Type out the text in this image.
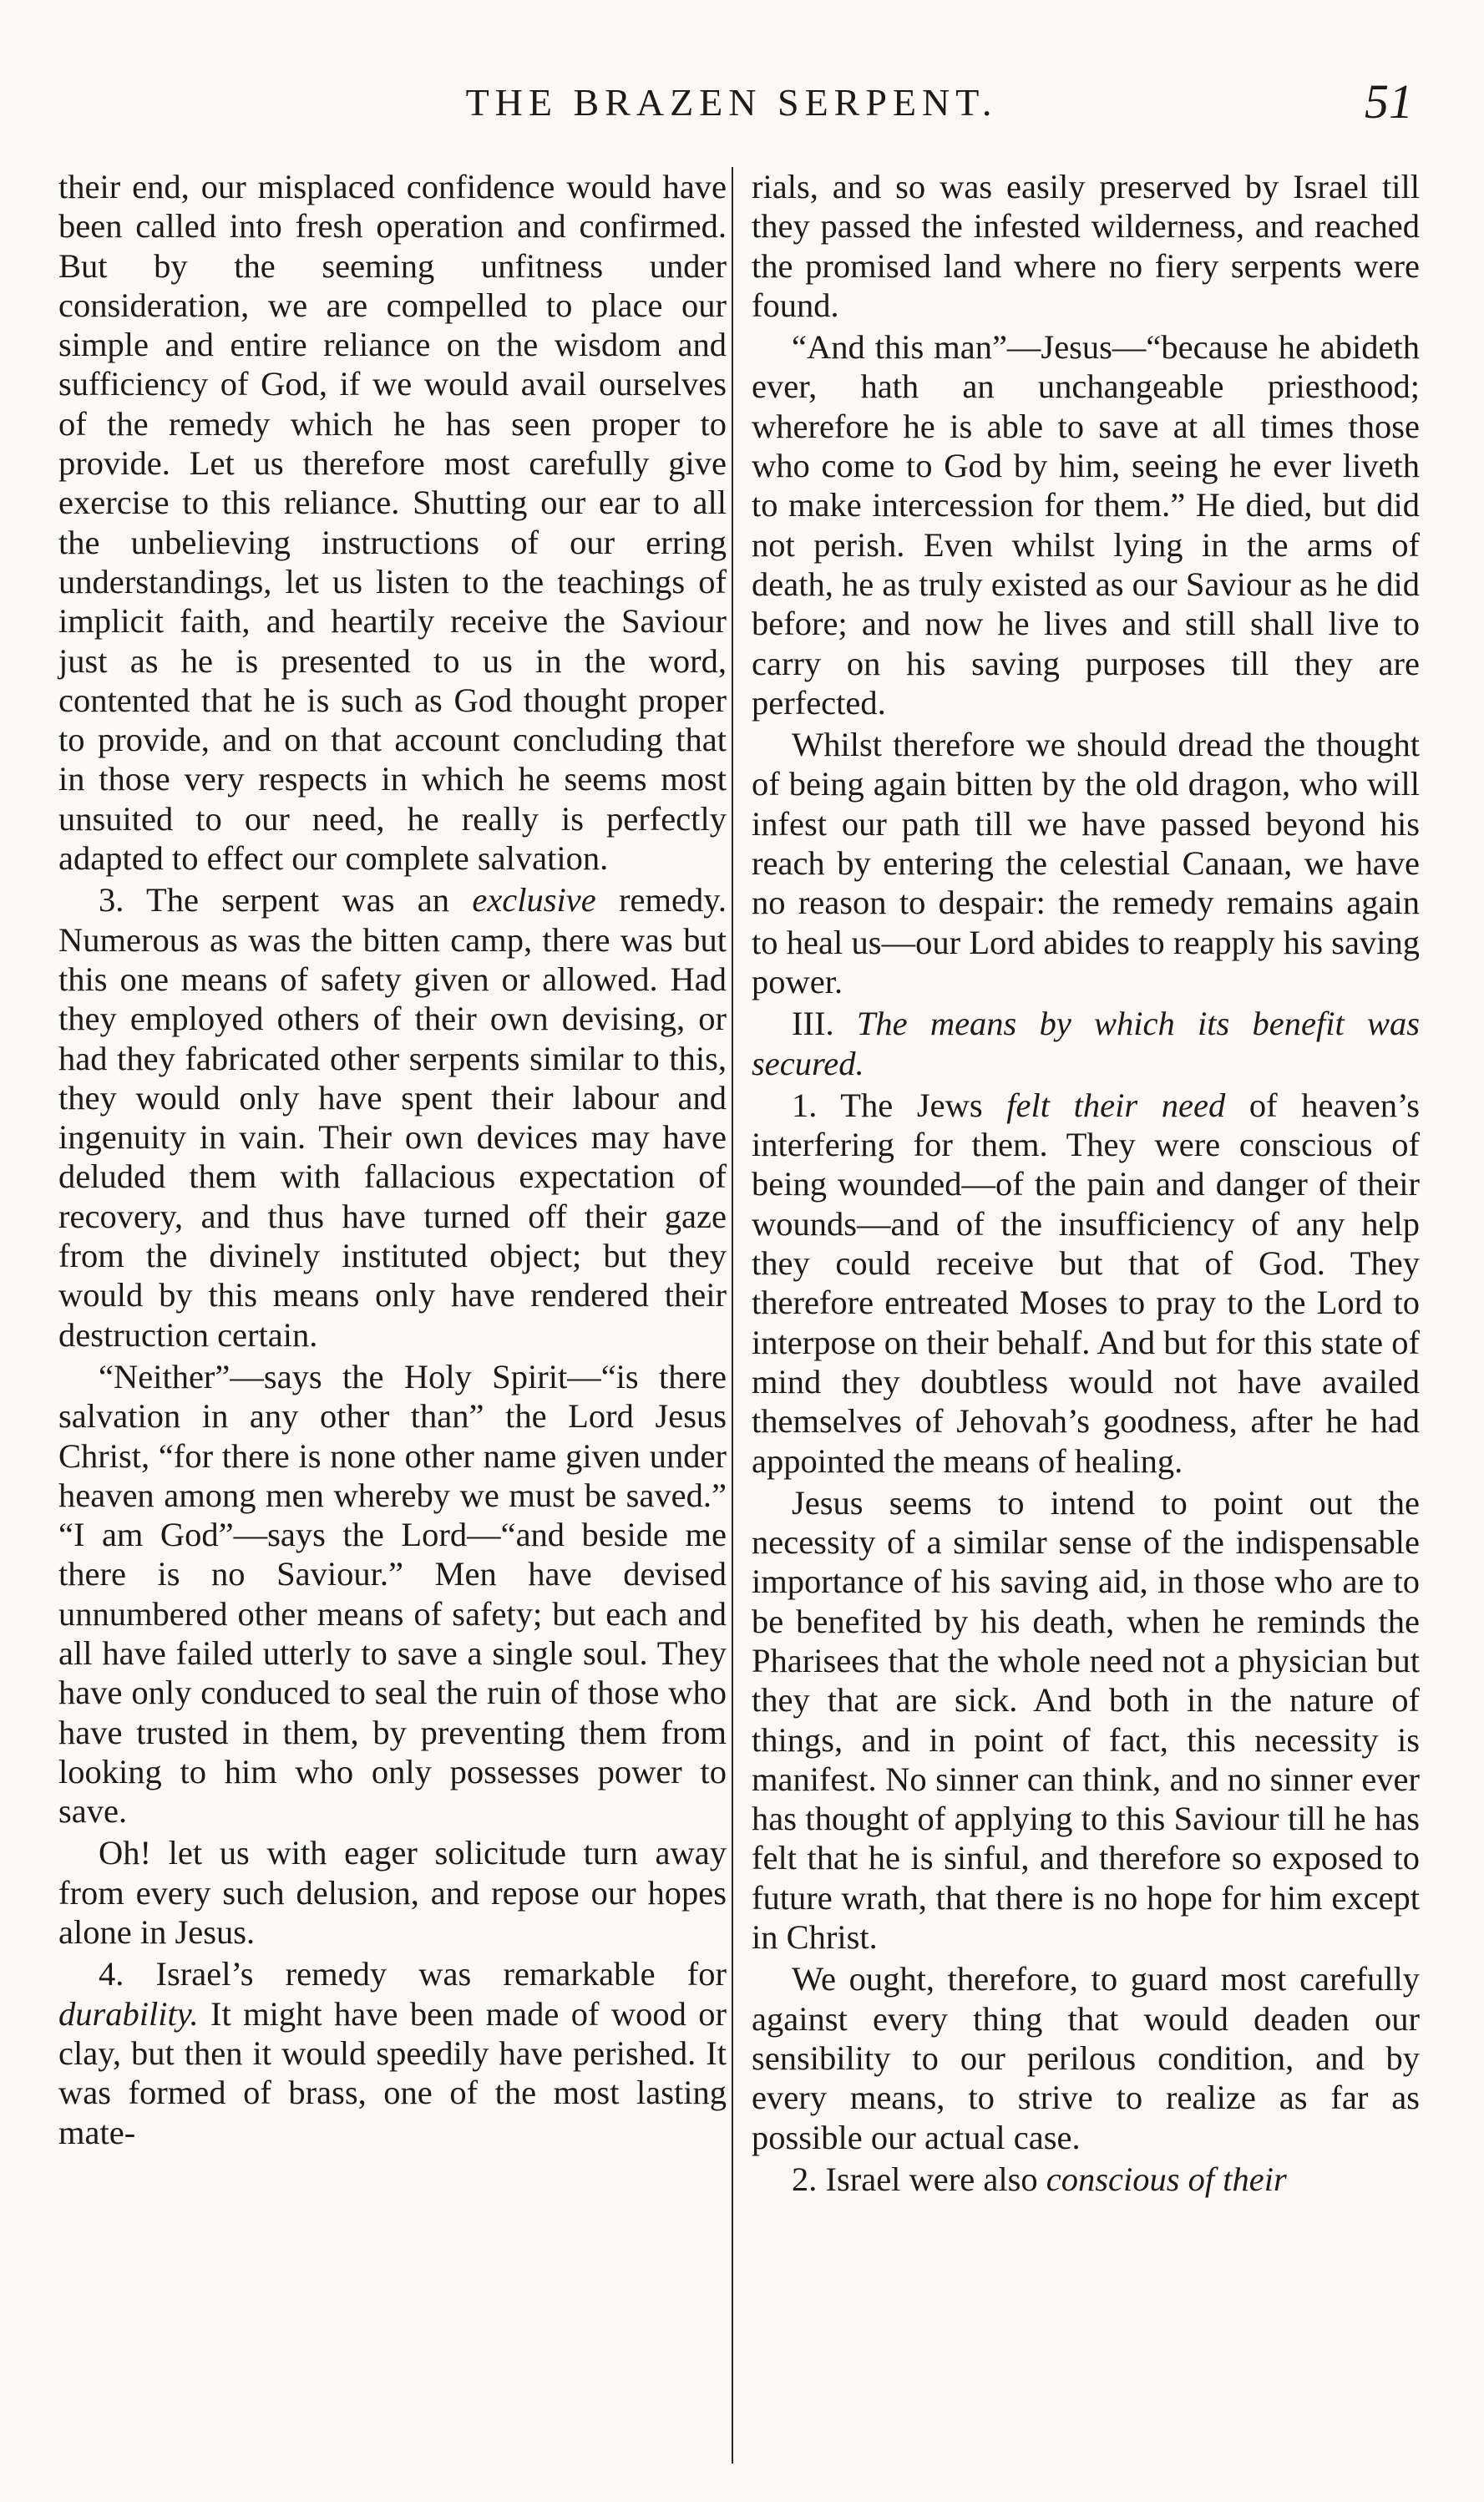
THE BRAZEN SERPENT.	51

their end, our misplaced confidence would have been called into fresh operation and confirmed. But by the seeming unfitness under consideration, we are compelled to place our simple and entire reliance on the wisdom and sufficiency of God, if we would avail ourselves of the remedy which he has seen proper to provide. Let us therefore most carefully give exercise to this reliance. Shutting our ear to all the unbelieving instructions of our erring understandings, let us listen to the teachings of implicit faith, and heartily receive the Saviour just as he is presented to us in the word, contented that he is such as God thought proper to provide, and on that account concluding that in those very respects in which he seems most unsuited to our need, he really is perfectly adapted to effect our complete salvation.

3. The serpent was an exclusive remedy. Numerous as was the bitten camp, there was but this one means of safety given or allowed. Had they employed others of their own devising, or had they fabricated other serpents similar to this, they would only have spent their labour and ingenuity in vain. Their own devices may have deluded them with fallacious expectation of recovery, and thus have turned off their gaze from the divinely instituted object; but they would by this means only have rendered their destruction certain.

“Neither”—says the Holy Spirit—“is there salvation in any other than” the Lord Jesus Christ, “for there is none other name given under heaven among men whereby we must be saved.” “I am God”—says the Lord—“and beside me there is no Saviour.” Men have devised unnumbered other means of safety; but each and all have failed utterly to save a single soul. They have only conduced to seal the ruin of those who have trusted in them, by preventing them from looking to him who only possesses power to save.

Oh! let us with eager solicitude turn away from every such delusion, and repose our hopes alone in Jesus.

4. Israel’s remedy was remarkable for durability. It might have been made of wood or clay, but then it would speedily have perished. It was formed of brass, one of the most lasting mate-

rials, and so was easily preserved by Israel till they passed the infested wilderness, and reached the promised land where no fiery serpents were found.

“And this man”—Jesus—“because he abideth ever, hath an unchangeable priesthood; wherefore he is able to save at all times those who come to God by him, seeing he ever liveth to make intercession for them.” He died, but did not perish. Even whilst lying in the arms of death, he as truly existed as our Saviour as he did before; and now he lives and still shall live to carry on his saving purposes till they are perfected.

Whilst therefore we should dread the thought of being again bitten by the old dragon, who will infest our path till we have passed beyond his reach by entering the celestial Canaan, we have no reason to despair: the remedy remains again to heal us—our Lord abides to reapply his saving power.

III. The means by which its benefit was secured.

1. The Jews felt their need of heaven’s interfering for them. They were conscious of being wounded—of the pain and danger of their wounds—and of the insufficiency of any help they could receive but that of God. They therefore entreated Moses to pray to the Lord to interpose on their behalf. And but for this state of mind they doubtless would not have availed themselves of Jehovah’s goodness, after he had appointed the means of healing.

Jesus seems to intend to point out the necessity of a similar sense of the indispensable importance of his saving aid, in those who are to be benefited by his death, when he reminds the Pharisees that the whole need not a physician but they that are sick. And both in the nature of things, and in point of fact, this necessity is manifest. No sinner can think, and no sinner ever has thought of applying to this Saviour till he has felt that he is sinful, and therefore so exposed to future wrath, that there is no hope for him except in Christ.

We ought, therefore, to guard most carefully against every thing that would deaden our sensibility to our perilous condition, and by every means, to strive to realize as far as possible our actual case.

2. Israel were also conscious of their
